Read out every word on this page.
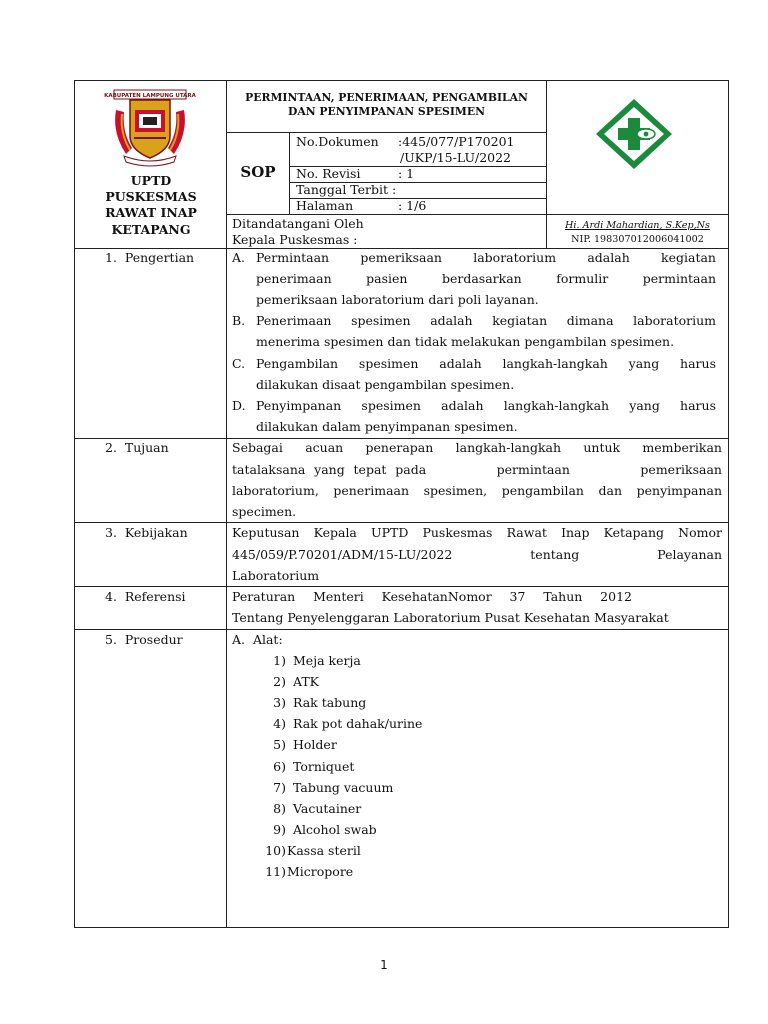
KABUPATEN LAMPUNG UTARA
UPTD
PUSKESMAS
RAWAT INAP
KETAPANG
PERMINTAAN, PENERIMAAN, PENGAMBILAN
DAN PENYIMPANAN SPESIMEN
SOP
No.Dokumen :445/077/P170201
/UKP/15-LU/2022
No. Revisi	: 1
Tanggal Terbit :
Halaman	: 1/6
Ditandatangani Oleh
Kepala Puskesmas :
Hi. Ardi Mahardian, S.Kep,Ns
NIP. 198307012006041002
1.  Pengertian
2.  Tujuan
3.  Kebijakan
4.  Referensi
5.  Prosedur
A. Permintaan pemeriksaan laboratorium adalah kegiatan
penerimaan pasien berdasarkan formulir permintaan
pemeriksaan laboratorium dari poli layanan.
B. Penerimaan spesimen adalah kegiatan dimana laboratorium
menerima spesimen dan tidak melakukan pengambilan spesimen.
C. Pengambilan spesimen adalah langkah-langkah yang harus
dilakukan disaat pengambilan spesimen.
D. Penyimpanan spesimen adalah langkah-langkah yang harus
dilakukan dalam penyimpanan spesimen.
Sebagai acuan penerapan langkah-langkah untuk memberikan
tatalaksana yang tepat pada        permintaan        pemeriksaan
laboratorium, penerimaan spesimen, pengambilan dan penyimpanan
specimen.
Keputusan Kepala UPTD Puskesmas Rawat Inap Ketapang Nomor
445/059/P.70201/ADM/15-LU/2022 tentang Pelayanan
Laboratorium
Peraturan Menteri KesehatanNomor 37 Tahun 2012
Tentang Penyelenggaran Laboratorium Pusat Kesehatan Masyarakat
A.  Alat:
1) Meja kerja
2) ATK
3) Rak tabung
4) Rak pot dahak/urine
5) Holder
6) Torniquet
7) Tabung vacuum
8) Vacutainer
9) Alcohol swab
10) Kassa steril
11) Micropore
1
